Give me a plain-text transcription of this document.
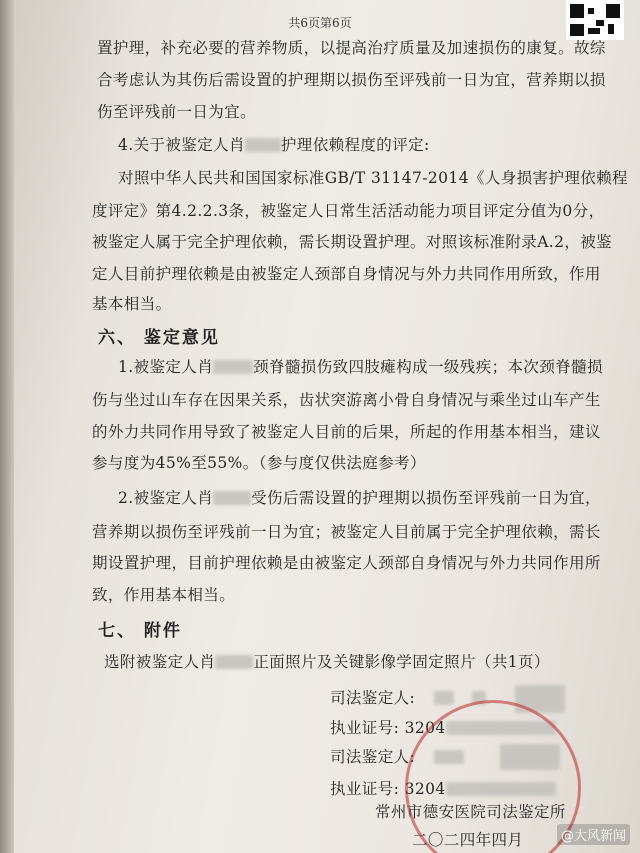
共6页第6页
置护理，补充必要的营养物质，以提高治疗质量及加速损伤的康复。故综
合考虑认为其伤后需设置的护理期以损伤至评残前一日为宜，营养期以损
伤至评残前一日为宜。
4.关于被鉴定人肖 护理依赖程度的评定:
对照中华人民共和国国家标准GB/T 31147-2014《人身损害护理依赖程
度评定》第4.2.2.3条，被鉴定人日常生活活动能力项目评定分值为0分，
被鉴定人属于完全护理依赖，需长期设置护理。对照该标准附录A.2，被鉴
定人目前护理依赖是由被鉴定人颈部自身情况与外力共同作用所致，作用
基本相当。
六、 鉴定意见
1.被鉴定人肖	颈脊髓损伤致四肢瘫构成一级残疾；本次颈脊髓损
伤与坐过山车存在因果关系，齿状突游离小骨自身情况与乘坐过山车产生
的外力共同作用导致了被鉴定人目前的后果，所起的作用基本相当，建议
参与度为45%至55%。（参与度仅供法庭参考）
2.被鉴定人肖 受伤后需设置的护理期以损伤至评残前一日为宜，
营养期以损伤至评残前一日为宜；被鉴定人目前属于完全护理依赖，需长
期设置护理，目前护理依赖是由被鉴定人颈部自身情况与外力共同作用所
致，作用基本相当。
七、 附件
选附被鉴定人肖 正面照片及关键影像学固定照片（共1页）
司法鉴定人:
执业证号: 3204
司法鉴定人:
执业证号: 3204
常州市德安医院司法鉴定所
二〇二四年四月	@大风新闻
